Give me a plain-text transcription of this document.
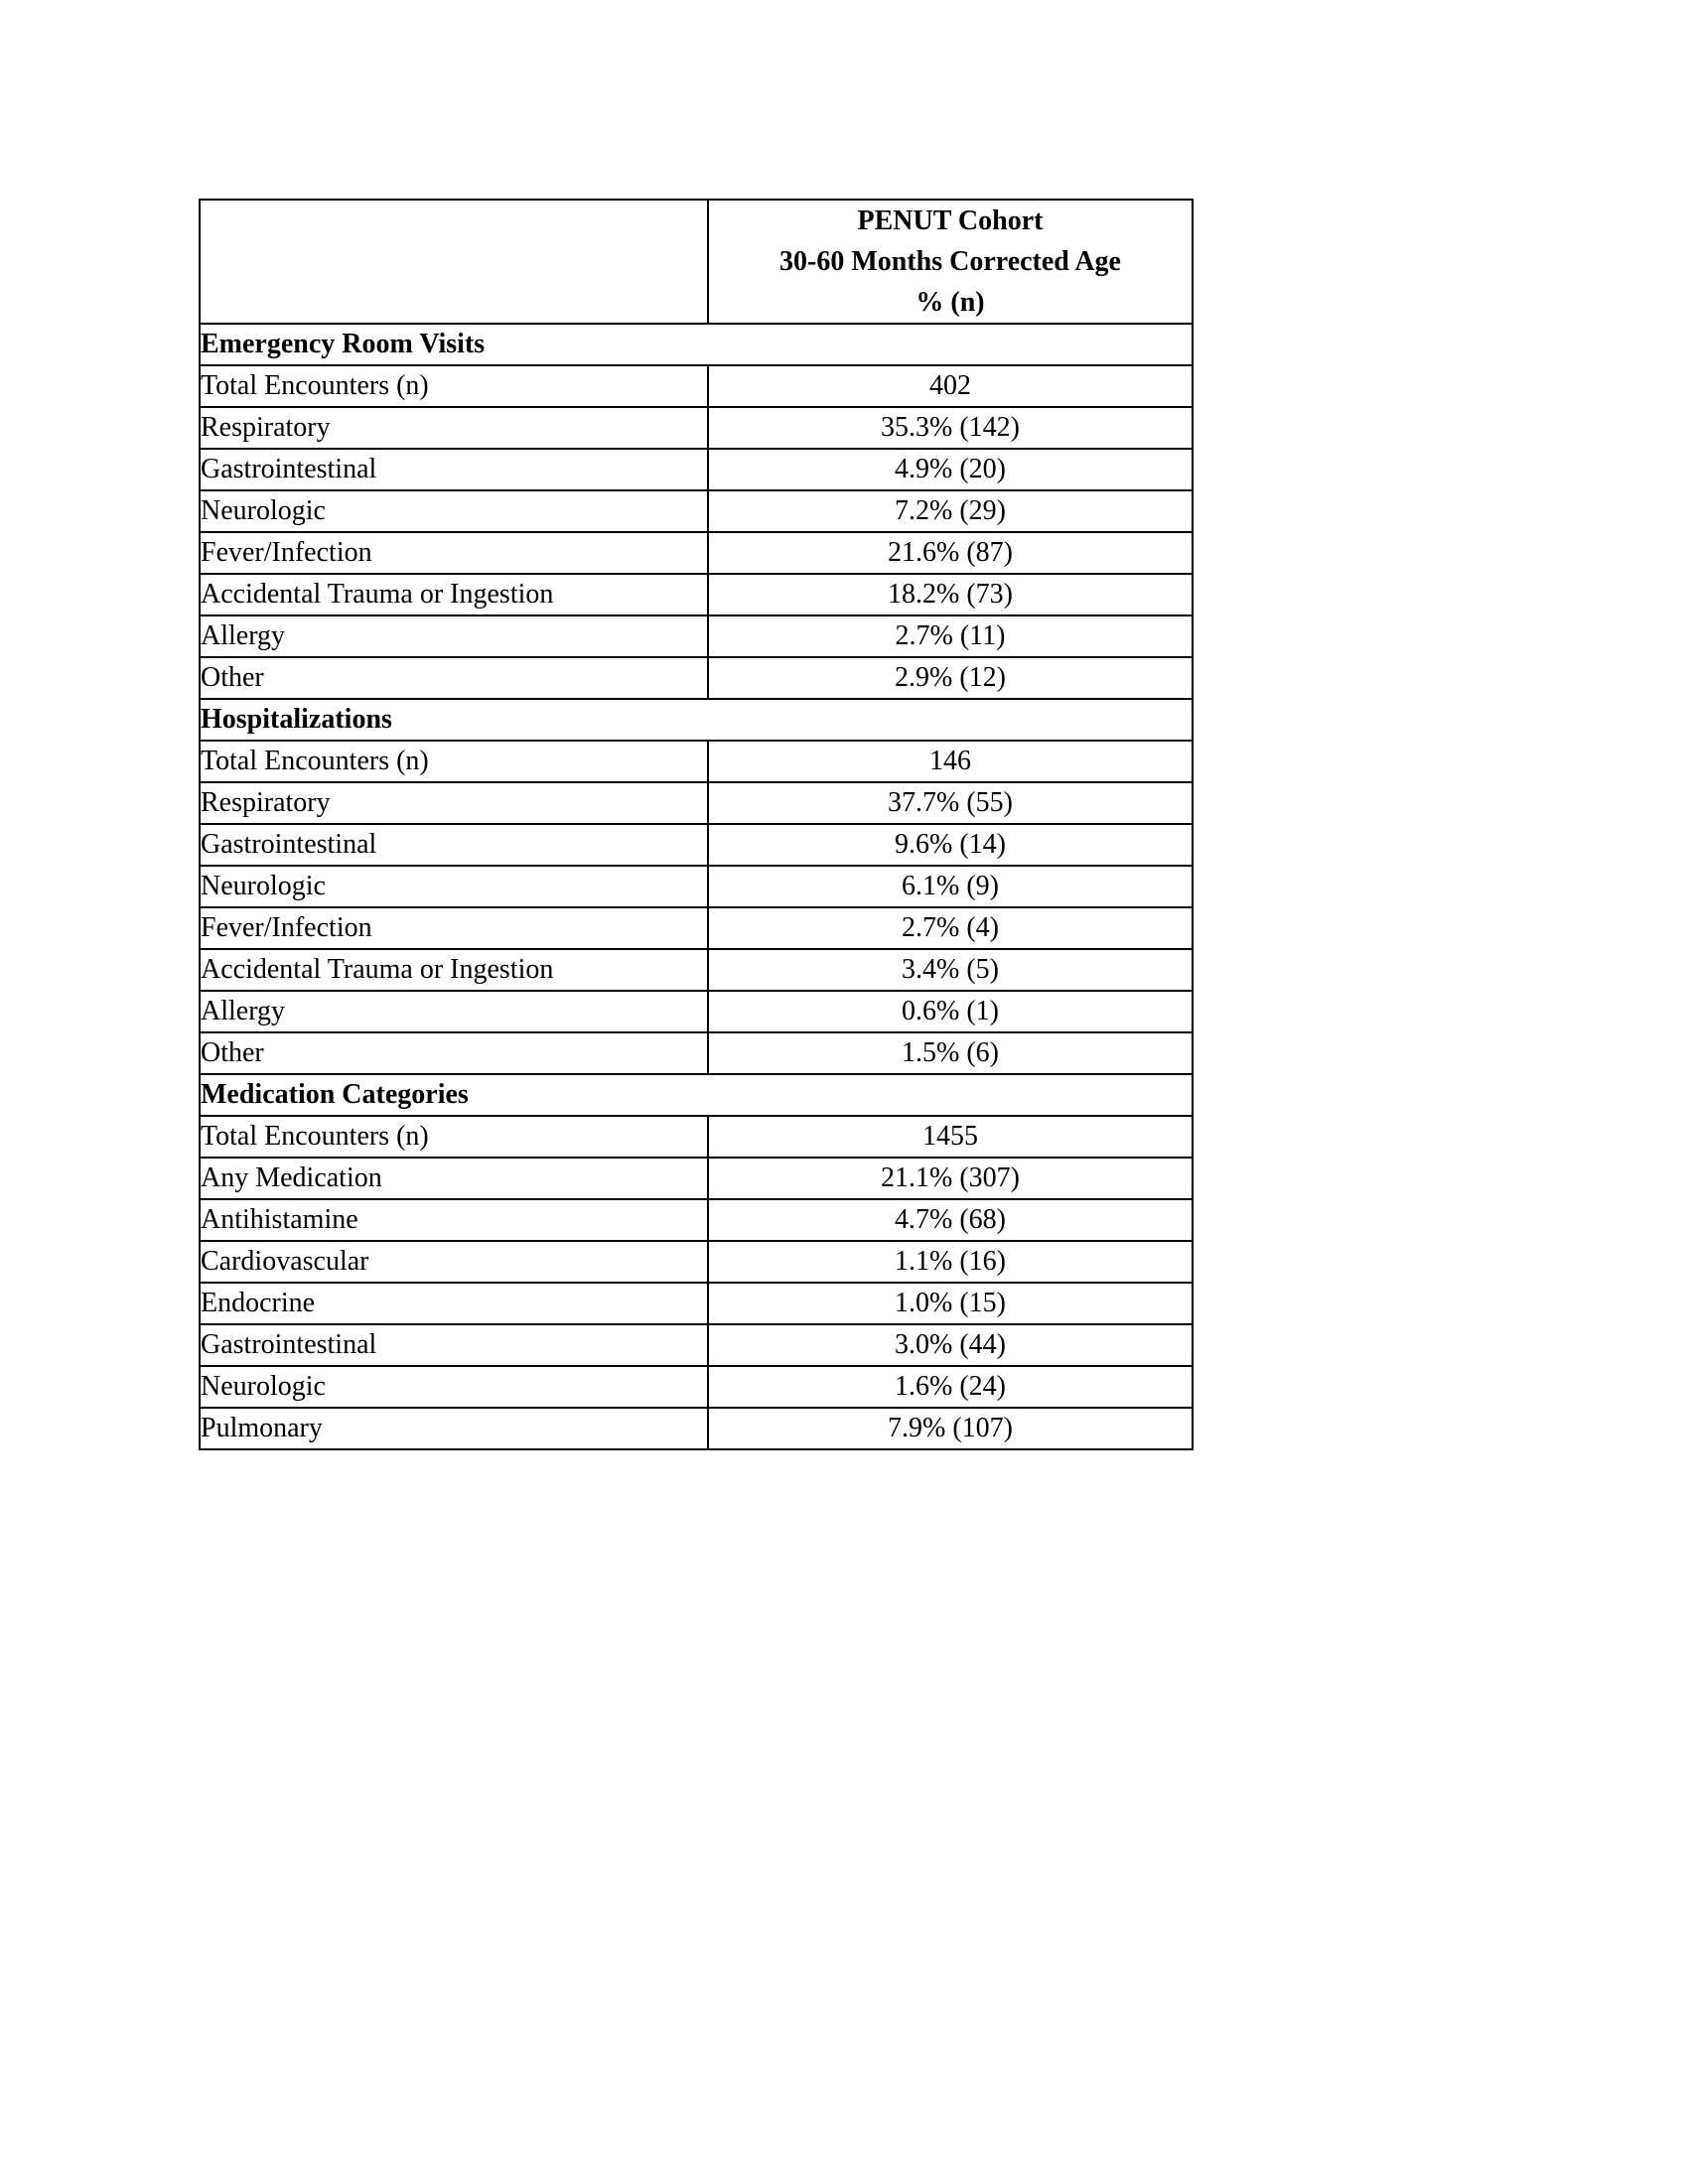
	PENUT Cohort
30-60 Months Corrected Age
% (n)

Emergency Room Visits	
Total Encounters (n)	402
Respiratory	35.3% (142)
Gastrointestinal	4.9% (20)
Neurologic	7.2% (29)
Fever/Infection	21.6% (87)
Accidental Trauma or Ingestion	18.2% (73)
Allergy	2.7% (11)
Other	2.9% (12)
Hospitalizations	
Total Encounters (n)	146
Respiratory	37.7% (55)
Gastrointestinal	9.6% (14)
Neurologic	6.1% (9)
Fever/Infection	2.7% (4)
Accidental Trauma or Ingestion	3.4% (5)
Allergy	0.6% (1)
Other	1.5% (6)
Medication Categories	
Total Encounters (n)	1455
Any Medication	21.1% (307)
Antihistamine	4.7% (68)
Cardiovascular	1.1% (16)
Endocrine	1.0% (15)
Gastrointestinal	3.0% (44)
Neurologic	1.6% (24)
Pulmonary	7.9% (107)
